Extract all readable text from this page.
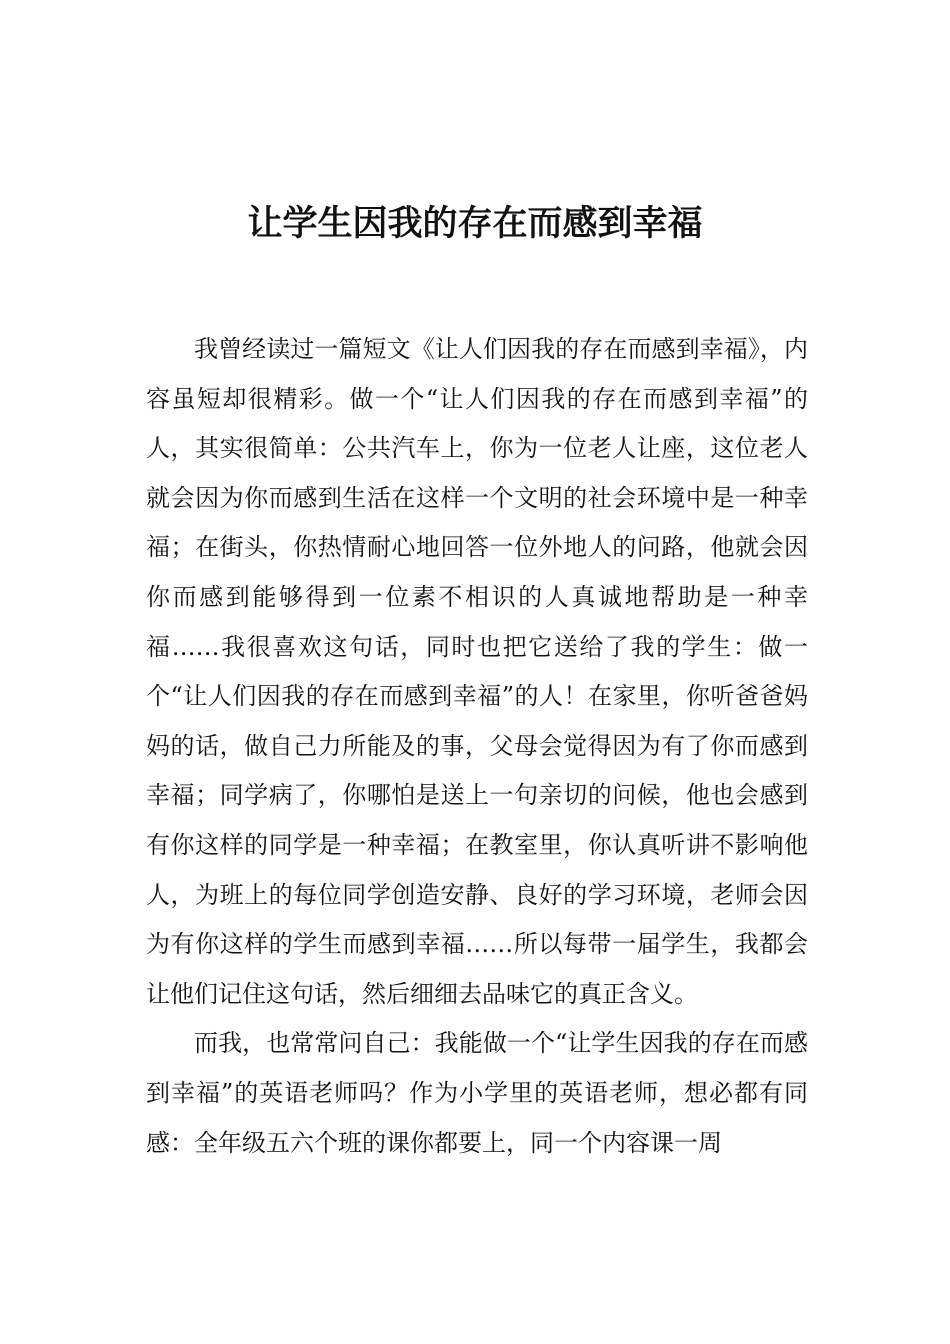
让学生因我的存在而感到幸福

我曾经读过一篇短文《让人们因我的存在而感到幸福》，内容虽短却很精彩。做一个“让人们因我的存在而感到幸福”的人，其实很简单：公共汽车上，你为一位老人让座，这位老人就会因为你而感到生活在这样一个文明的社会环境中是一种幸福；在街头，你热情耐心地回答一位外地人的问路，他就会因你而感到能够得到一位素不相识的人真诚地帮助是一种幸福……我很喜欢这句话，同时也把它送给了我的学生：做一个“让人们因我的存在而感到幸福”的人！在家里，你听爸爸妈妈的话，做自己力所能及的事，父母会觉得因为有了你而感到幸福；同学病了，你哪怕是送上一句亲切的问候，他也会感到有你这样的同学是一种幸福；在教室里，你认真听讲不影响他人，为班上的每位同学创造安静、良好的学习环境，老师会因为有你这样的学生而感到幸福……所以每带一届学生，我都会让他们记住这句话，然后细细去品味它的真正含义。

而我，也常常问自己：我能做一个“让学生因我的存在而感到幸福”的英语老师吗？作为小学里的英语老师，想必都有同感：全年级五六个班的课你都要上，同一个内容课一周
